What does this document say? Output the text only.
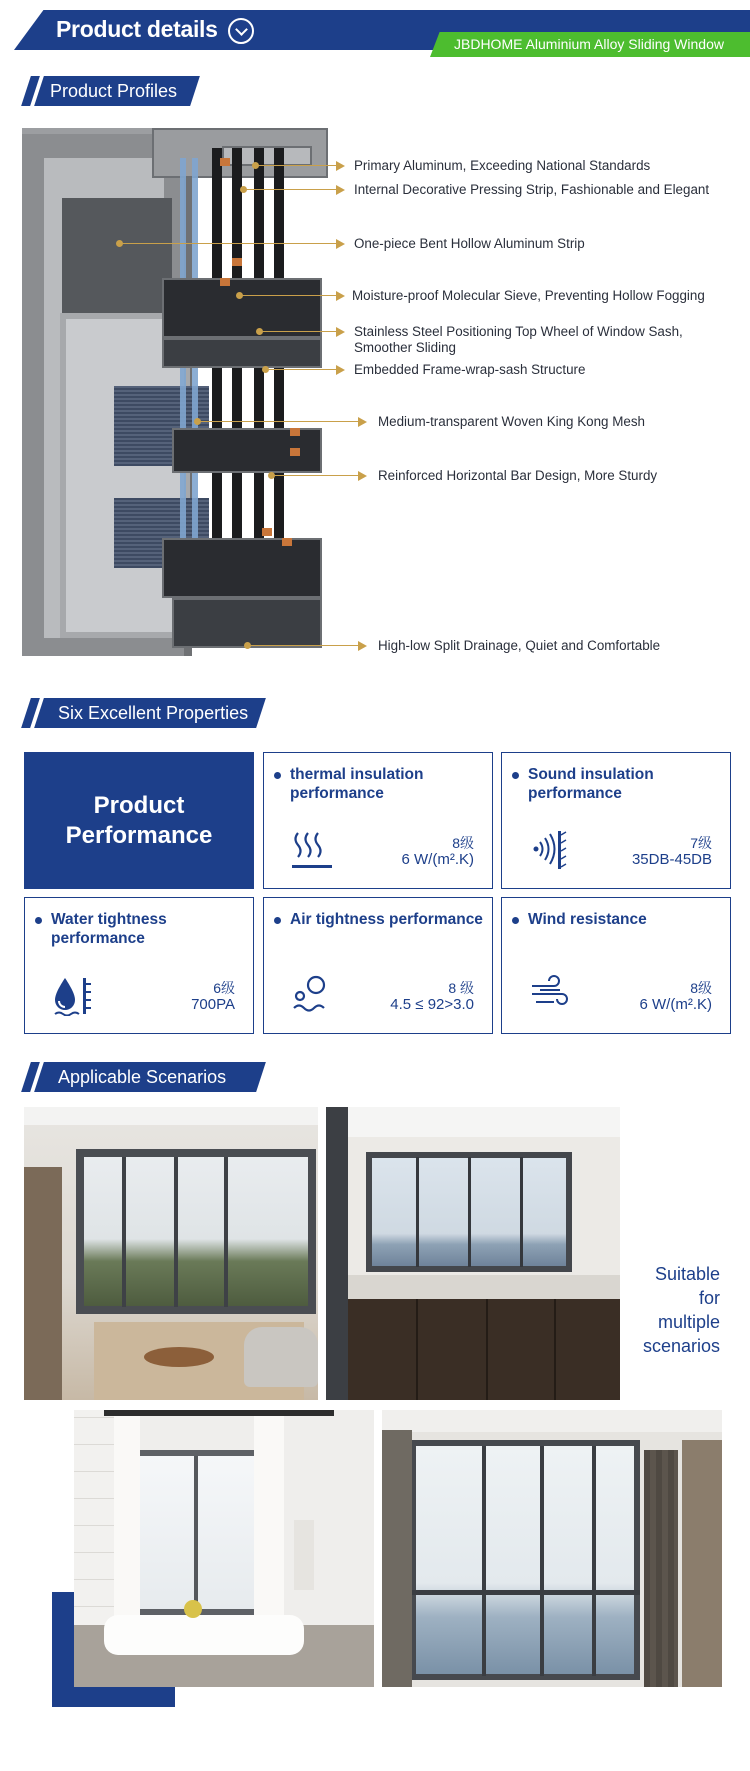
Product details
JBDHOME Aluminium Alloy Sliding Window
Product Profiles
Primary Aluminum, Exceeding National Standards
Internal Decorative Pressing Strip, Fashionable and Elegant
One-piece Bent Hollow Aluminum Strip
Moisture-proof Molecular Sieve, Preventing Hollow Fogging
Stainless Steel Positioning Top Wheel of Window Sash,
Smoother Sliding
Embedded Frame-wrap-sash Structure
Medium-transparent Woven King Kong Mesh
Reinforced Horizontal Bar Design, More Sturdy
High-low Split Drainage, Quiet and Comfortable
Six Excellent Properties
Product
Performance
thermal insulation performance
8级
6 W/(m².K)
Sound insulation performance
7级
35DB-45DB
Water tightness performance
6级
700PA
Air tightness performance
8 级
4.5 ≤ 92>3.0
Wind resistance
8级
6 W/(m².K)
Applicable Scenarios
Suitable
for
multiple
scenarios
